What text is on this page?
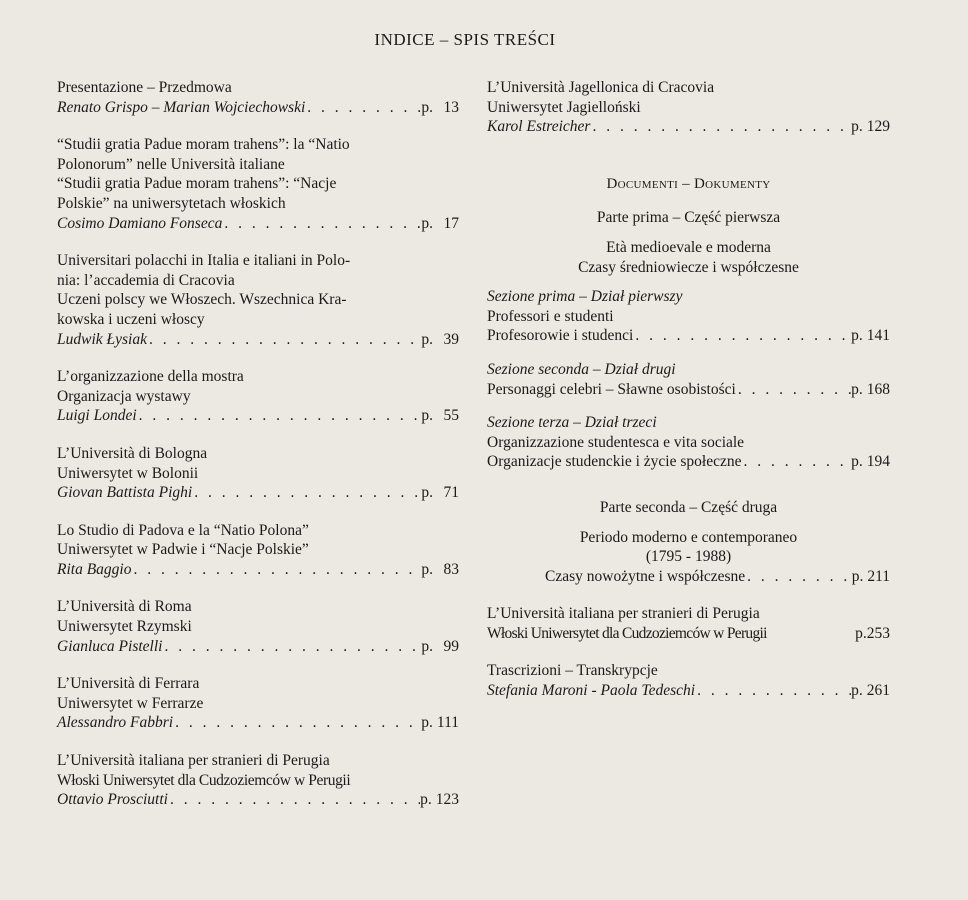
INDICE – SPIS TREŚCI
Presentazione – Przedmowa
Renato Grispo – Marian Wojciechowski . . .	p. 13
“Studii gratia Padue moram trahens”: la “Natio
Polonorum” nelle Università italiane
“Studii gratia Padue moram trahens”: “Nacje
Polskie” na uniwersytetach włoskich
Cosimo Damiano Fonseca . . .	p. 17
Universitari polacchi in Italia e italiani in Polo-
nia: l’accademia di Cracovia
Uczeni polscy we Włoszech. Wszechnica Kra-
kowska i uczeni włoscy
Ludwik Łysiak . . .	p. 39
L’organizzazione della mostra
Organizacja wystawy
Luigi Londei . . .	p. 55
L’Università di Bologna
Uniwersytet w Bolonii
Giovan Battista Pighi . . .	p. 71
Lo Studio di Padova e la “Natio Polona”
Uniwersytet w Padwie i “Nacje Polskie”
Rita Baggio . . .	p. 83
L’Università di Roma
Uniwersytet Rzymski
Gianluca Pistelli . . .	p. 99
L’Università di Ferrara
Uniwersytet w Ferrarze
Alessandro Fabbri . . .	p. 111
L’Università italiana per stranieri di Perugia
Włoski Uniwersytet dla Cudzoziemców w Perugii
Ottavio Prosciutti . . .	p. 123
L’Università Jagellonica di Cracovia
Uniwersytet Jagielloński
Karol Estreicher . . .	p. 129
Documenti – Dokumenty
Parte prima – Część pierwsza
Età medioevale e moderna
Czasy średniowiecze i współczesne
Sezione prima – Dział pierwszy
Professori e studenti
Profesorowie i studenci . . .	p. 141
Sezione seconda – Dział drugi
Personaggi celebri – Sławne osobistości . . .	p. 168
Sezione terza – Dział trzeci
Organizzazione studentesca e vita sociale
Organizacje studenckie i życie społeczne . . .	p. 194
Parte seconda – Część druga
Periodo moderno e contemporaneo
(1795 - 1988)
Czasy nowożytne i współczesne . . .	p. 211
L’Università italiana per stranieri di Perugia
Włoski Uniwersytet dla Cudzoziemców w Perugii	p.253
Trascrizioni – Transkrypcje
Stefania Maroni - Paola Tedeschi . . .	p. 261
